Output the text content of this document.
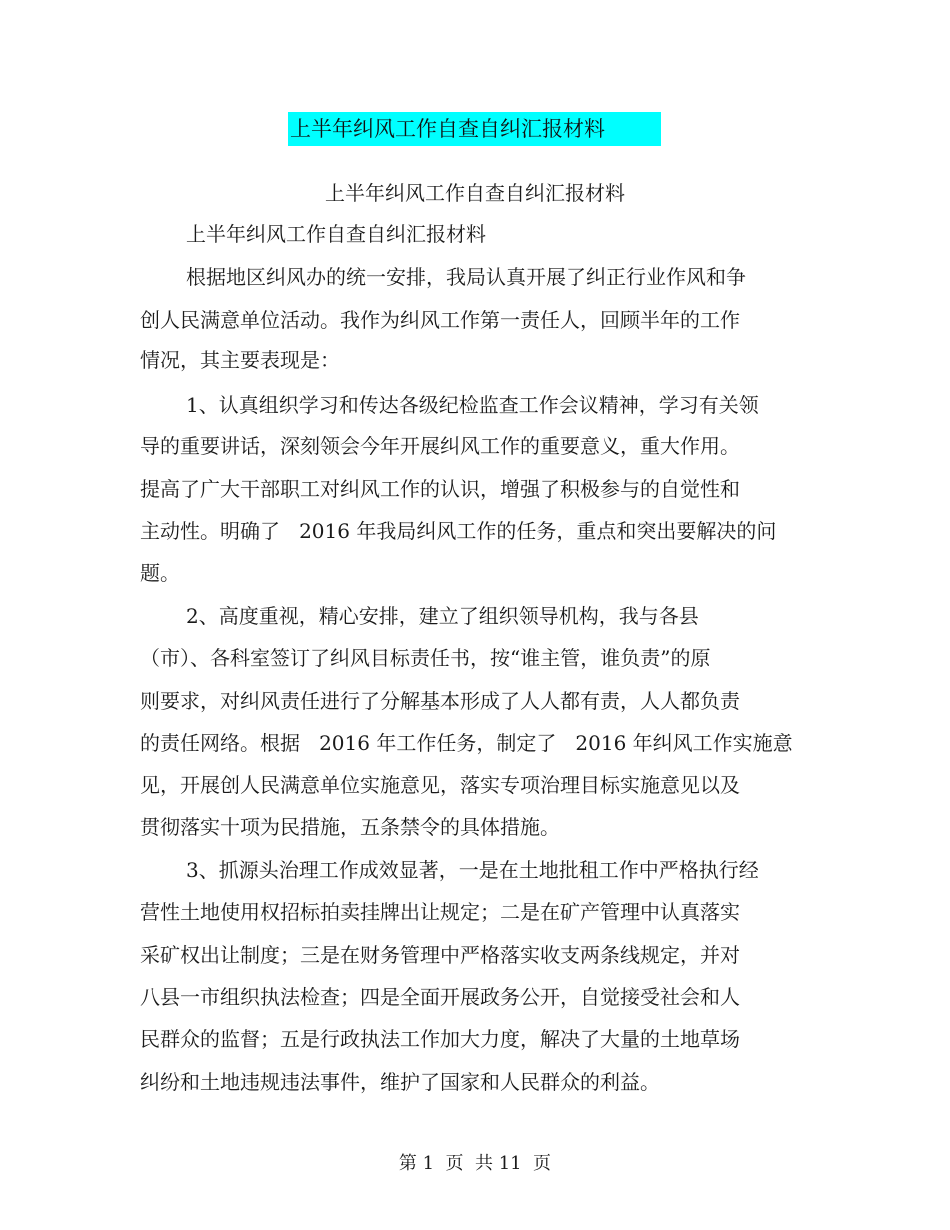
上半年纠风工作自查自纠汇报材料
上半年纠风工作自查自纠汇报材料
上半年纠风工作自查自纠汇报材料
根据地区纠风办的统一安排，我局认真开展了纠正行业作风和争
创人民满意单位活动。我作为纠风工作第一责任人，回顾半年的工作
情况，其主要表现是：
1、认真组织学习和传达各级纪检监查工作会议精神，学习有关领
导的重要讲话，深刻领会今年开展纠风工作的重要意义，重大作用。
提高了广大干部职工对纠风工作的认识，增强了积极参与的自觉性和
主动性。明确了   2016 年我局纠风工作的任务，重点和突出要解决的问
题。
2、高度重视，精心安排，建立了组织领导机构，我与各县
（市）、各科室签订了纠风目标责任书，按“谁主管，谁负责”的原
则要求，对纠风责任进行了分解基本形成了人人都有责，人人都负责
的责任网络。根据   2016 年工作任务，制定了   2016 年纠风工作实施意
见，开展创人民满意单位实施意见，落实专项治理目标实施意见以及
贯彻落实十项为民措施，五条禁令的具体措施。
3、抓源头治理工作成效显著，一是在土地批租工作中严格执行经
营性土地使用权招标拍卖挂牌出让规定；二是在矿产管理中认真落实
采矿权出让制度；三是在财务管理中严格落实收支两条线规定，并对
八县一市组织执法检查；四是全面开展政务公开，自觉接受社会和人
民群众的监督；五是行政执法工作加大力度，解决了大量的土地草场
纠纷和土地违规违法事件，维护了国家和人民群众的利益。
第 1  页  共 11  页
